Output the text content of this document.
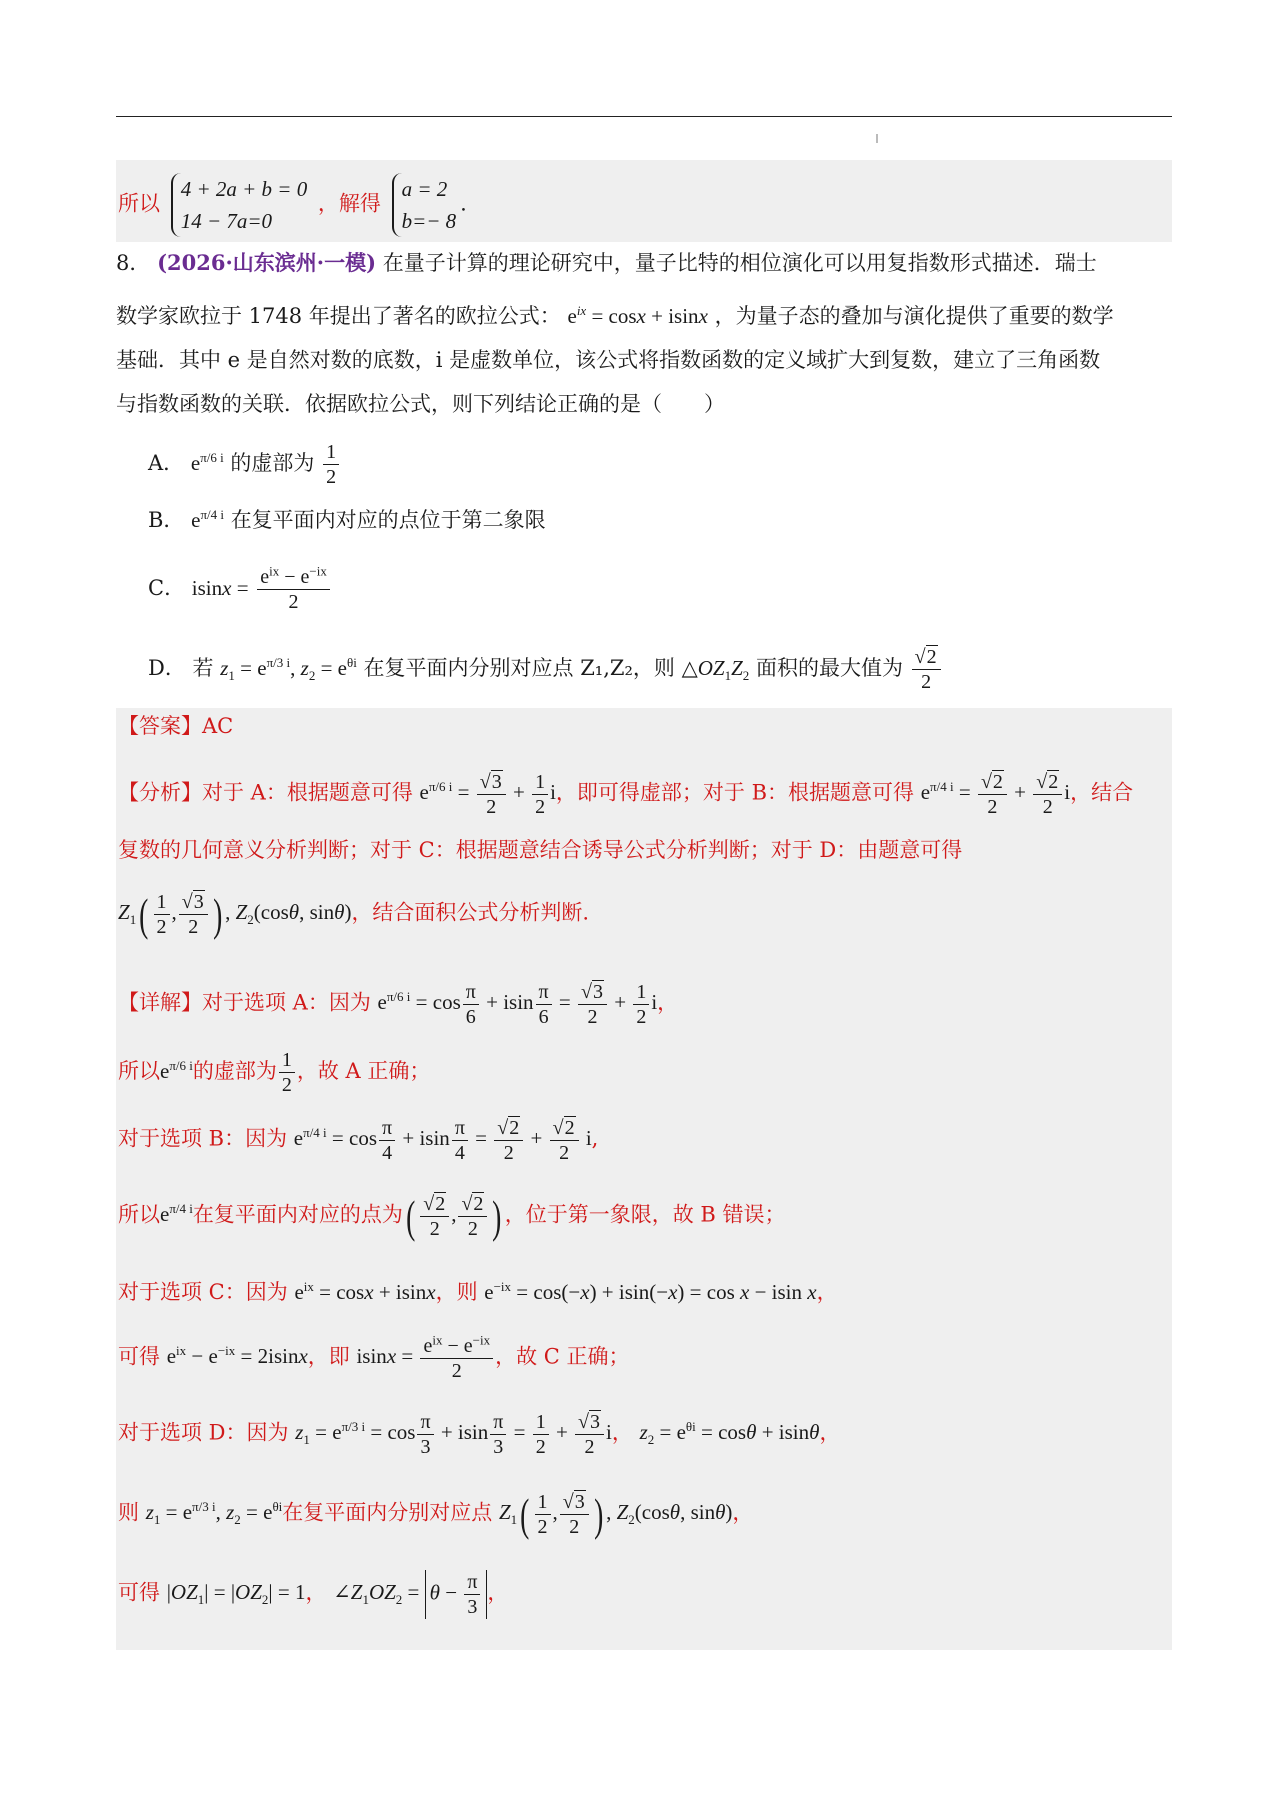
所以
4 + 2a + b = 0
14 − 7a=0
，解得
a = 2
b=− 8
.
8． (2026·山东滨州·一模) 在量子计算的理论研究中，量子比特的相位演化可以用复指数形式描述．瑞士
数学家欧拉于 1748 年提出了著名的欧拉公式： $e^{ix} = \cos x + isinx$ ，为量子态的叠加与演化提供了重要的数学
基础．其中 e 是自然对数的底数，i 是虚数单位，该公式将指数函数的定义域扩大到复数，建立了三角函数
与指数函数的关联．依据欧拉公式，则下列结论正确的是（　　）
A． $e^{\pi/6 i}$ 的虚部为 $\frac{1}{2}$
B． $e^{\pi/4 i}$ 在复平面内对应的点位于第二象限
C． $isinx = \frac{e^{ix} - e^{-ix}}{2}$
D． 若 $z_1 = e^{\pi/3 i}$, $z_2 = e^{\theta i}$ 在复平面内分别对应点 Z₁,Z₂，则 $\triangle OZ_1Z_2$ 面积的最大值为 $\frac{√2}{2}$
【答案】AC
【分析】对于 A：根据题意可得 $e^{\pi/6 i} = \frac{√3}{2} + \frac{1}{2}$ i，即可得虚部；对于 B：根据题意可得 $e^{\pi/4 i} = \frac{√2}{2} + \frac{√2}{2}$ i，结合
复数的几何意义分析判断；对于 C：根据题意结合诱导公式分析判断；对于 D：由题意可得
$Z_1( \frac{1}{2}$ , $\frac{√3}{2}$ ) , $Z_2(\cos\theta$, sinθ)，结合面积公式分析判断.
【详解】对于选项 A：因为 $e^{\pi/6 i} = \cos \frac{\pi}{6} + isin \frac{\pi}{6} = \frac{√3}{2} + \frac{1}{2}$ i，
所以$e^{\pi/6 i}$的虚部为 $\frac{1}{2}$ ，故 A 正确；
对于选项 B：因为 $e^{\pi/4 i} = \cos \frac{\pi}{4} + isin \frac{\pi}{4} = \frac{√2}{2} + \frac{√2}{2} i$,
所以$e^{\pi/4 i}$在复平面内对应的点为( $\frac{√2}{2}$ , $\frac{√2}{2}$ ) ，位于第一象限，故 B 错误；
对于选项 C：因为 $e^{ix} = \cos x + isinx$，则 $e^{-ix} = \cos(-x) + isin(-x) = \cos x - isin$ x，
可得 $e^{ix} - e^{-ix} = 2isinx$，即 $isinx = \frac{e^{ix} - e^{-ix}}{2}$ ，故 C 正确；
对于选项 D：因为 $z_1 = e^{\pi/3 i} = \cos \frac{\pi}{3} + isin \frac{\pi}{3} = \frac{1}{2} + \frac{√3}{2}$ i， $z_2 = e^{\theta i} = \cos\theta + isin\theta$，
则 $z_1 = e^{\pi/3 i}$, $z_2 = e^{\theta i}$在复平面内分别对应点 $Z_1( \frac{1}{2}$ , $\frac{√3}{2}$ ) , $Z_2(\cos\theta$, sinθ)，
可得 $|OZ_1| = |OZ_2| = 1$， $\angle Z_1OZ_2 = \theta - \frac{\pi}{3}$ ，
